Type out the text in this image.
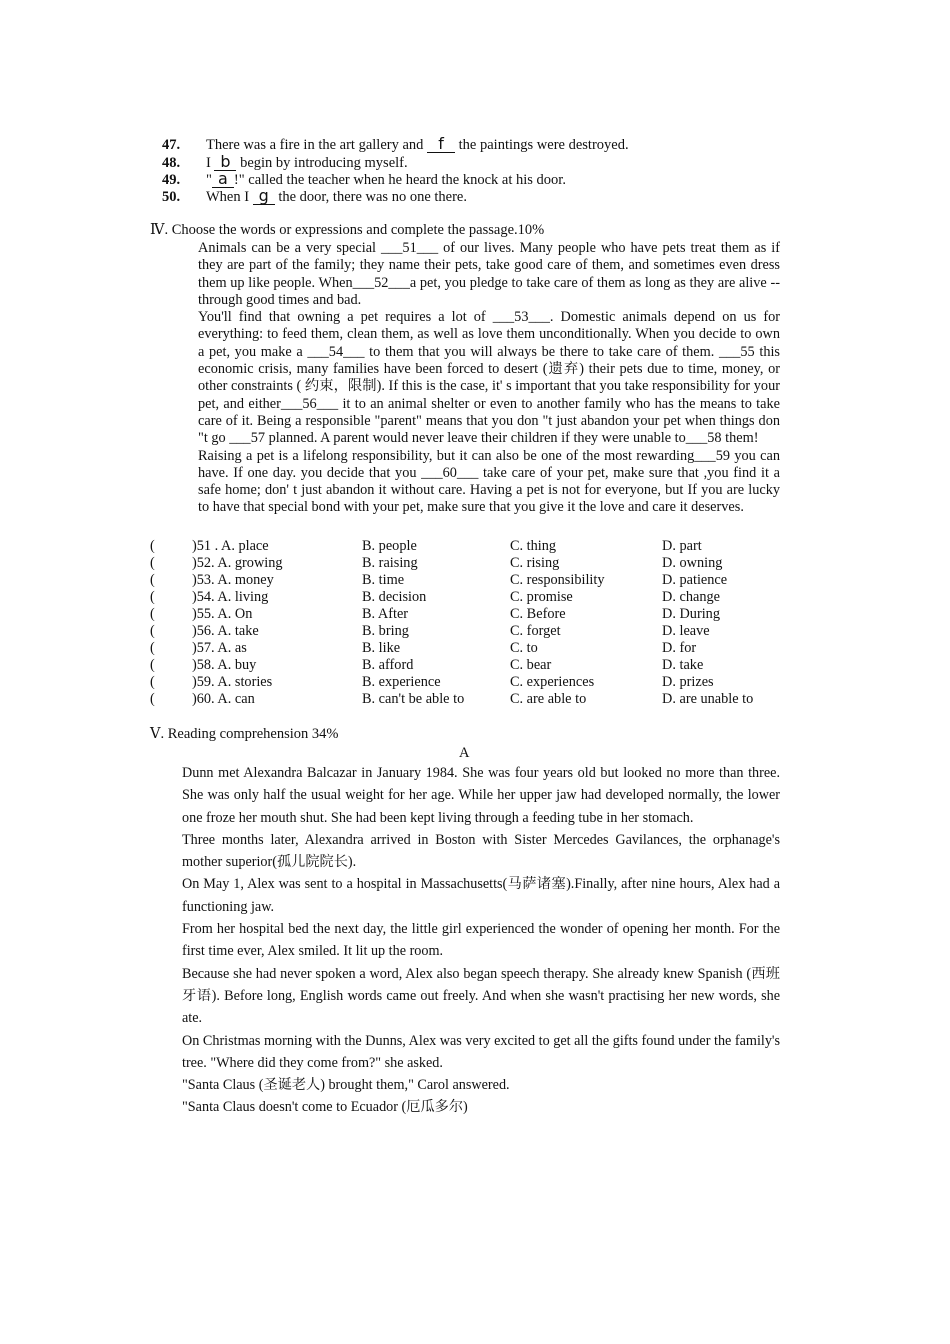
47. There was a fire in the art gallery and f the paintings were destroyed.
48. I b begin by introducing myself.
49. " a !" called the teacher when he heard the knock at his door.
50. When I g the door, there was no one there.
Ⅳ. Choose the words or expressions and complete the passage.10%
Animals can be a very special ___51___ of our lives. Many people who have pets treat them as if they are part of the family; they name their pets, take good care of them, and sometimes even dress them up like people. When___52___a pet, you pledge to take care of them as long as they are alive -- through good times and bad.
You'll find that owning a pet requires a lot of ___53___. Domestic animals depend on us for everything: to feed them, clean them, as well as love them unconditionally. When you decide to own a pet, you make a ___54___ to them that you will always be there to take care of them. ___55 this economic crisis, many families have been forced to desert (遗弃) their pets due to time, money, or other constraints ( 约束，限制). If this is the case, it' s important that you take responsibility for your pet, and either___56___ it to an animal shelter or even to another family who has the means to take care of it. Being a responsible "parent" means that you don "t just abandon your pet when things don "t go ___57 planned. A parent would never leave their children if they were unable to___58 them!
Raising a pet is a lifelong responsibility, but it can also be one of the most rewarding___59 you can have. If one day. you decide that you ___60___ take care of your pet, make sure that ,you find it a safe home; don' t just abandon it without care. Having a pet is not for everyone, but If you are lucky to have that special bond with your pet, make sure that you give it the love and care it deserves.
(	)51 . A. place	B. people	C. thing	D. part
(	)52. A. growing	B. raising	C. rising	D. owning
(	)53. A. money	B. time	C. responsibility	D. patience
(	)54. A. living	B. decision	C. promise	D. change
(	)55. A. On	B. After	C. Before	D. During
(	)56. A. take	B. bring	C. forget	D. leave
(	)57. A. as	B. like	C. to	D. for
(	)58. A. buy	B. afford	C. bear	D. take
(	)59. A. stories	B. experience	C. experiences	D. prizes
(	)60. A. can	B. can't be able to	C. are able to	D. are unable to
Ⅴ. Reading comprehension 34%
A
Dunn met Alexandra Balcazar in January 1984. She was four years old but looked no more than three. She was only half the usual weight for her age. While her upper jaw had developed normally, the lower one froze her mouth shut. She had been kept living through a feeding tube in her stomach.
Three months later, Alexandra arrived in Boston with Sister Mercedes Gavilances, the orphanage's mother superior(孤儿院院长).
On May 1, Alex was sent to a hospital in Massachusetts(马萨诸塞).Finally, after nine hours, Alex had a functioning jaw.
From her hospital bed the next day, the little girl experienced the wonder of opening her month. For the first time ever, Alex smiled. It lit up the room.
Because she had never spoken a word, Alex also began speech therapy. She already knew Spanish (西班牙语). Before long, English words came out freely. And when she wasn't practising her new words, she ate.
On Christmas morning with the Dunns, Alex was very excited to get all the gifts found under the family's tree. "Where did they come from?" she asked.
"Santa Claus (圣诞老人) brought them," Carol answered.
"Santa Claus doesn't come to Ecuador (厄瓜多尔)
